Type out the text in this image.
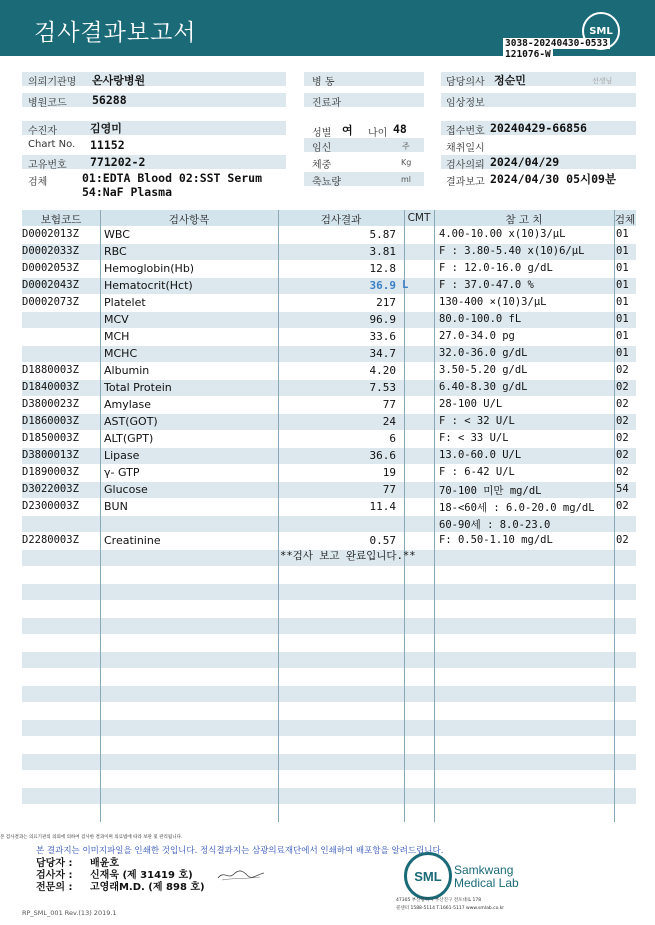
검사결과보고서	SML
3038-20240430-0533
121076-W
의뢰기관명 온사랑병원	병 동	담당의사 정순민	선생님
병원코드 56288	진료과	임상정보
수진자	김영미
Chart No. 11152
고유번호 771202-2
검체	01:EDTA Blood 02:SST Serum
54:NaF Plasma
성별 여 나이 48
임신	주
체중	Kg
축뇨량	ml
접수번호 20240429-66856
채취일시
검사의뢰 2024/04/29
결과보고 2024/04/30 05시09분
보험코드	검사항목	검사결과	CMT	참 고 치	검체
D0002013Z WBC	5.87	4.00-10.00 x(10)3/µL	01
D0002033Z RBC	3.81	F : 3.80-5.40 x(10)6/µL	01
D0002053Z Hemoglobin(Hb)	12.8	F : 12.0-16.0 g/dL	01
D0002043Z Hematocrit(Hct)	36.9 L	F : 37.0-47.0 %	01
D0002073Z Platelet	217	130-400 ×(10)3/µL	01
MCV	96.9	80.0-100.0 fL	01
MCH	33.6	27.0-34.0 pg	01
MCHC	34.7	32.0-36.0 g/dL	01
D1880003Z Albumin	4.20	3.50-5.20 g/dL	02
D1840003Z Total Protein	7.53	6.40-8.30 g/dL	02
D3800023Z Amylase	77	28-100 U/L	02
D1860003Z AST(GOT)	24	F : < 32 U/L	02
D1850003Z ALT(GPT)	6	F: < 33 U/L	02
D3800013Z Lipase	36.6	13.0-60.0 U/L	02
D1890003Z γ- GTP	19	F : 6-42 U/L	02
D3022003Z Glucose	77	70-100 미만 mg/dL	54
D2300003Z BUN	11.4	18-<60세 : 6.0-20.0 mg/dL 02
60-90세 : 8.0-23.0
D2280003Z Creatinine	0.57	F: 0.50-1.10 mg/dL	02
**검사 보고 완료입니다.**
본 검사결과는 의료기관의 의뢰에 의하여 검사한 결과이며 의료법에 따라 보관 및 관리됩니다.
본 결과지는 이미지파일을 인쇄한 것입니다. 정식결과지는 삼광의료재단에서 인쇄하여 배포함을 알려드립니다.
담당자 : 배윤호
검사자 : 신재욱 (제 31419 호)
전문의 : 고영래M.D. (제 898 호)
SML	Samkwang
Medical Lab
47305 부산광역시 부산진구 전포대로 178
콜센터 1588-5114 T.1661-5117 www.smlab.co.kr
RP_SML_001 Rev.(13) 2019.1
